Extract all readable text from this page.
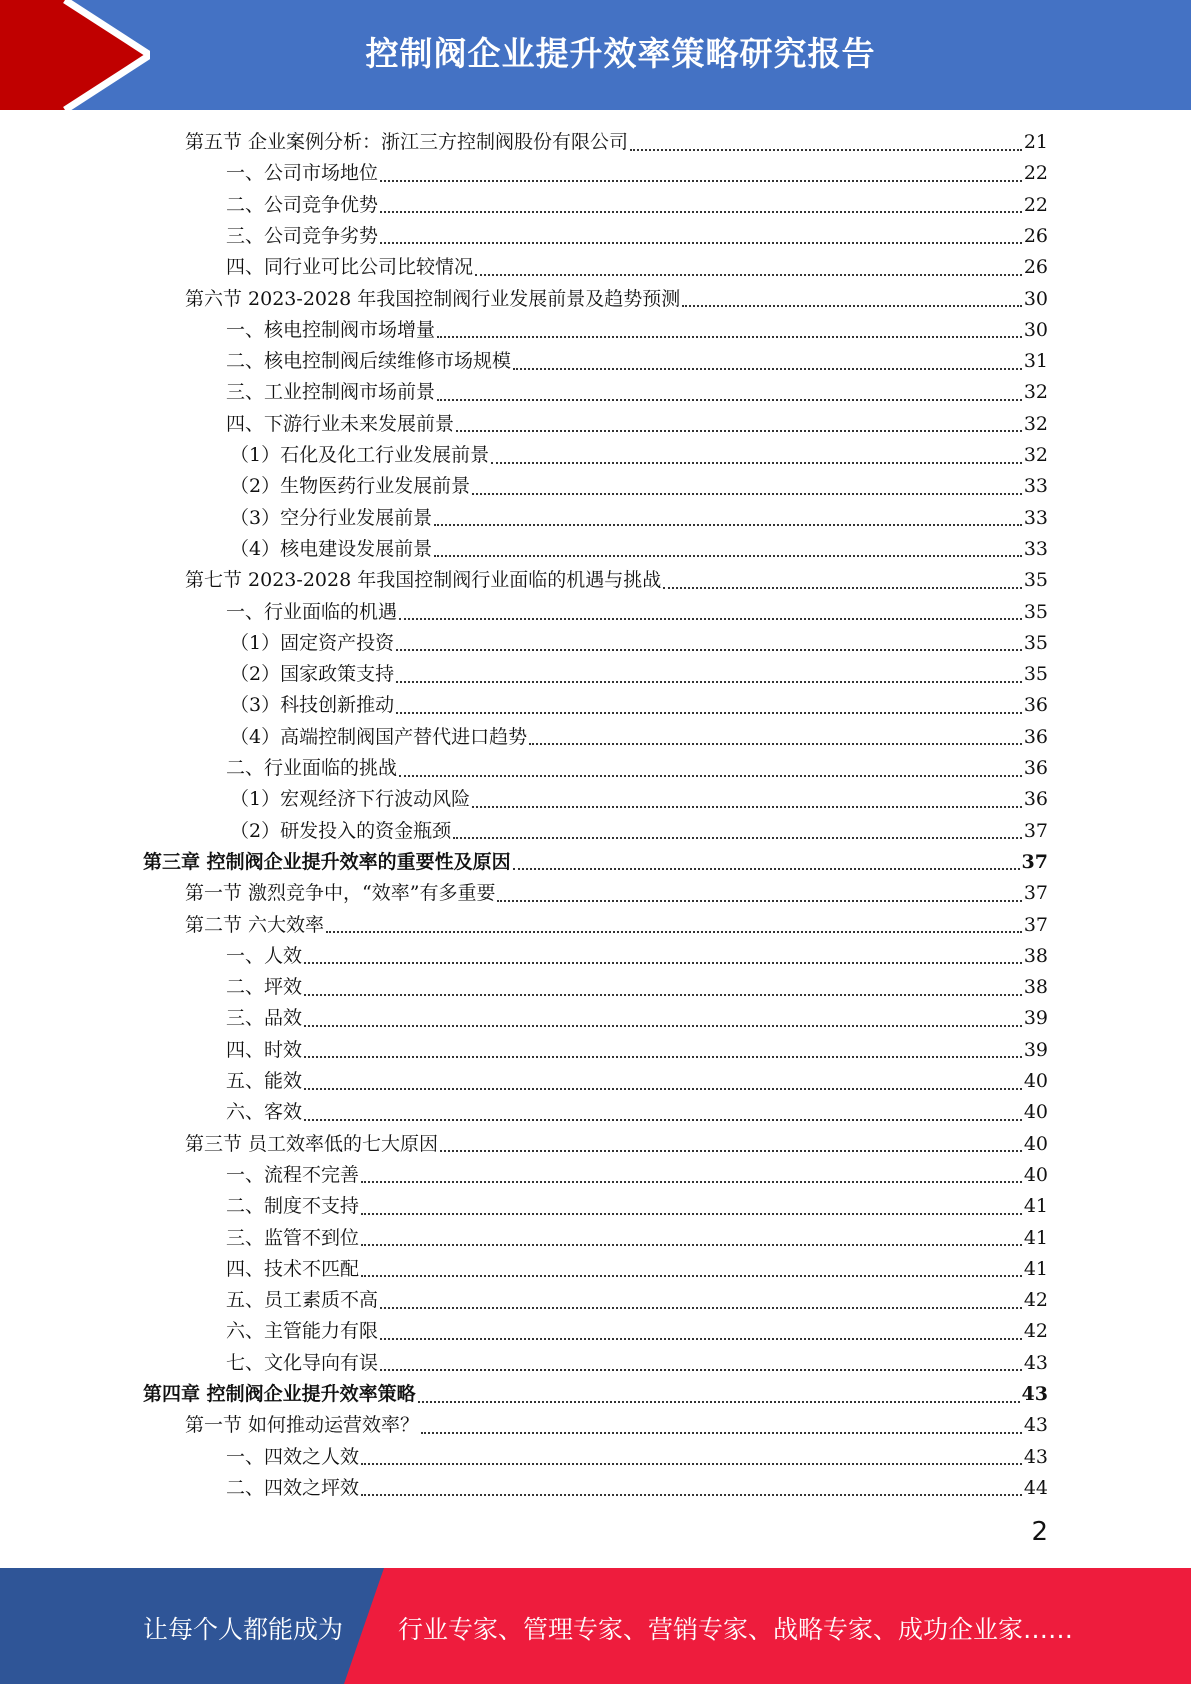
控制阀企业提升效率策略研究报告
第五节 企业案例分析：浙江三方控制阀股份有限公司	21
一、公司市场地位	22
二、公司竞争优势	22
三、公司竞争劣势	26
四、同行业可比公司比较情况	26
第六节 2023-2028 年我国控制阀行业发展前景及趋势预测	30
一、核电控制阀市场增量	30
二、核电控制阀后续维修市场规模	31
三、工业控制阀市场前景	32
四、下游行业未来发展前景	32
（1）石化及化工行业发展前景	32
（2）生物医药行业发展前景	33
（3）空分行业发展前景	33
（4）核电建设发展前景	33
第七节 2023-2028 年我国控制阀行业面临的机遇与挑战	35
一、行业面临的机遇	35
（1）固定资产投资	35
（2）国家政策支持	35
（3）科技创新推动	36
（4）高端控制阀国产替代进口趋势	36
二、行业面临的挑战	36
（1）宏观经济下行波动风险	36
（2）研发投入的资金瓶颈	37
第三章 控制阀企业提升效率的重要性及原因	37
第一节 激烈竞争中，“效率”有多重要	37
第二节 六大效率	37
一、人效	38
二、坪效	38
三、品效	39
四、时效	39
五、能效	40
六、客效	40
第三节 员工效率低的七大原因	40
一、流程不完善	40
二、制度不支持	41
三、监管不到位	41
四、技术不匹配	41
五、员工素质不高	42
六、主管能力有限	42
七、文化导向有误	43
第四章 控制阀企业提升效率策略	43
第一节 如何推动运营效率？	43
一、四效之人效	43
二、四效之坪效	44
2
让每个人都能成为 行业专家、管理专家、营销专家、战略专家、成功企业家……
